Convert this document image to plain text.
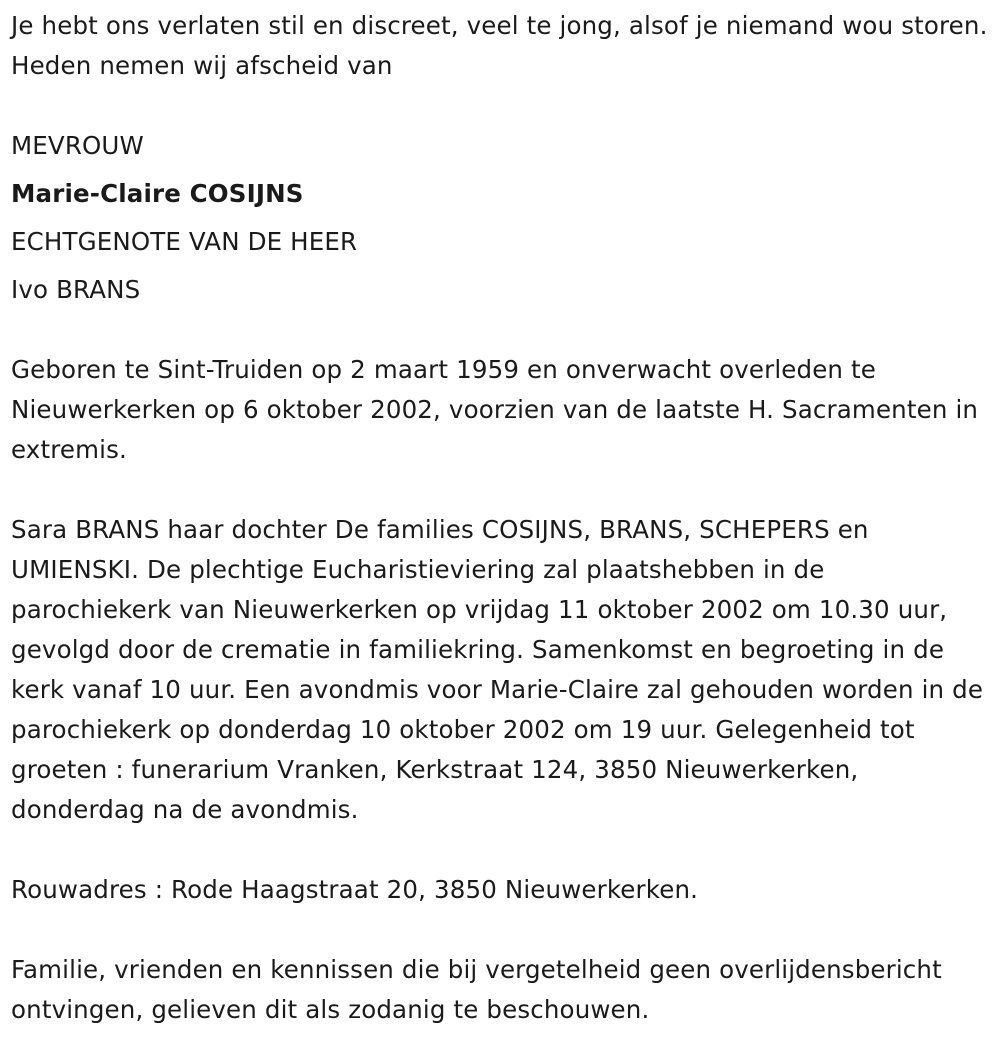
Je hebt ons verlaten stil en discreet, veel te jong, alsof je niemand wou storen. Heden nemen wij afscheid van

MEVROUW

Marie-Claire COSIJNS

ECHTGENOTE VAN DE HEER

Ivo BRANS

Geboren te Sint-Truiden op 2 maart 1959 en onverwacht overleden te Nieuwerkerken op 6 oktober 2002, voorzien van de laatste H. Sacramenten in extremis.

Sara BRANS haar dochter De families COSIJNS, BRANS, SCHEPERS en UMIENSKI. De plechtige Eucharistieviering zal plaatshebben in de parochiekerk van Nieuwerkerken op vrijdag 11 oktober 2002 om 10.30 uur, gevolgd door de crematie in familiekring. Samenkomst en begroeting in de kerk vanaf 10 uur. Een avondmis voor Marie-Claire zal gehouden worden in de parochiekerk op donderdag 10 oktober 2002 om 19 uur. Gelegenheid tot groeten : funerarium Vranken, Kerkstraat 124, 3850 Nieuwerkerken, donderdag na de avondmis.

Rouwadres : Rode Haagstraat 20, 3850 Nieuwerkerken.

Familie, vrienden en kennissen die bij vergetelheid geen overlijdensbericht ontvingen, gelieven dit als zodanig te beschouwen.
